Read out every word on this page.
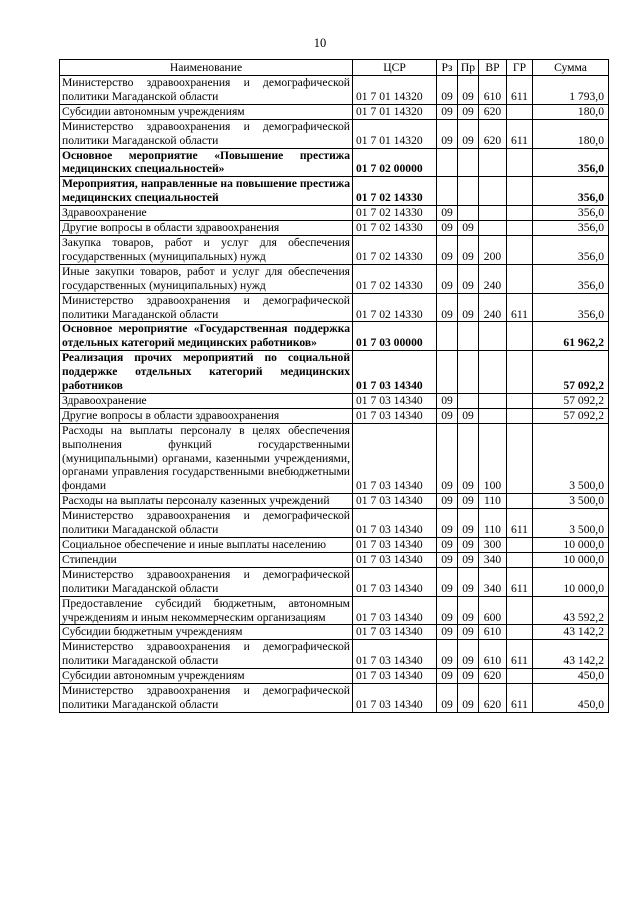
10
Наименование	ЦСР	Рз	Пр	ВР	ГР	Сумма
Министерство здравоохранения и демографической политики Магаданской области	01 7 01 14320	09	09	610	611	1 793,0
Субсидии автономным учреждениям	01 7 01 14320	09	09	620		180,0
Министерство здравоохранения и демографической политики Магаданской области	01 7 01 14320	09	09	620	611	180,0
Основное мероприятие «Повышение престижа медицинских специальностей»	01 7 02 00000					356,0
Мероприятия, направленные на повышение престижа медицинских специальностей	01 7 02 14330					356,0
Здравоохранение	01 7 02 14330	09				356,0
Другие вопросы в области здравоохранения	01 7 02 14330	09	09			356,0
Закупка товаров, работ и услуг для обеспечения государственных (муниципальных) нужд	01 7 02 14330	09	09	200		356,0
Иные закупки товаров, работ и услуг для обеспечения государственных (муниципальных) нужд	01 7 02 14330	09	09	240		356,0
Министерство здравоохранения и демографической политики Магаданской области	01 7 02 14330	09	09	240	611	356,0
Основное мероприятие «Государственная поддержка отдельных категорий медицинских работников»	01 7 03 00000					61 962,2
Реализация прочих мероприятий по социальной поддержке отдельных категорий медицинских работников	01 7 03 14340					57 092,2
Здравоохранение	01 7 03 14340	09				57 092,2
Другие вопросы в области здравоохранения	01 7 03 14340	09	09			57 092,2
Расходы на выплаты персоналу в целях обеспечения выполнения функций государственными (муниципальными) органами, казенными учреждениями, органами управления государственными внебюджетными фондами	01 7 03 14340	09	09	100		3 500,0
Расходы на выплаты персоналу казенных учреждений	01 7 03 14340	09	09	110		3 500,0
Министерство здравоохранения и демографической политики Магаданской области	01 7 03 14340	09	09	110	611	3 500,0
Социальное обеспечение и иные выплаты населению	01 7 03 14340	09	09	300		10 000,0
Стипендии	01 7 03 14340	09	09	340		10 000,0
Министерство здравоохранения и демографической политики Магаданской области	01 7 03 14340	09	09	340	611	10 000,0
Предоставление субсидий бюджетным, автономным учреждениям и иным некоммерческим организациям	01 7 03 14340	09	09	600		43 592,2
Субсидии бюджетным учреждениям	01 7 03 14340	09	09	610		43 142,2
Министерство здравоохранения и демографической политики Магаданской области	01 7 03 14340	09	09	610	611	43 142,2
Субсидии автономным учреждениям	01 7 03 14340	09	09	620		450,0
Министерство здравоохранения и демографической политики Магаданской области	01 7 03 14340	09	09	620	611	450,0
